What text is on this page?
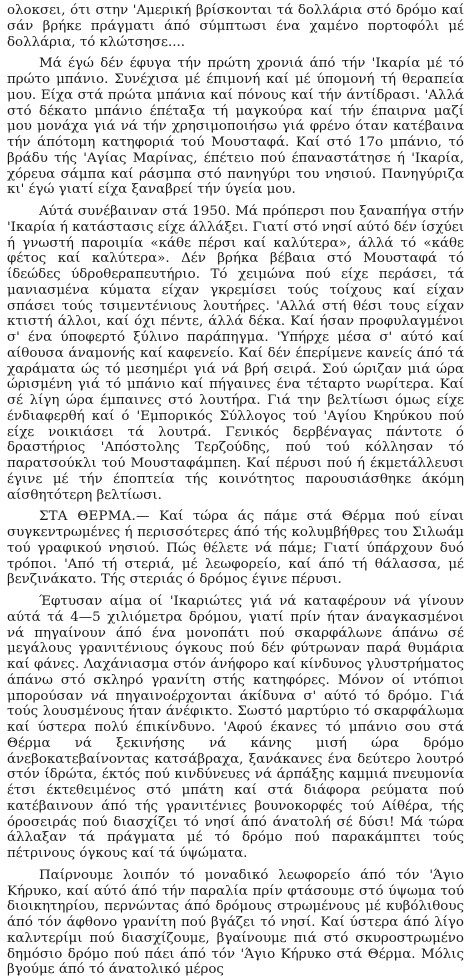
ολοκσει, ότι στην 'Αμερική βρίσκονται τά δολλάρια στό δρόμο καί σάν βρήκε πράγματι άπό σύμπτωσι ένα χαμένο πορτοφόλι μέ δολλάρια, τό κλώτσησε....

Μά έγώ δέν έφυγα τήν πρώτη χρονιά άπό τήν 'Ικαρία μέ τό πρώτο μπάνιο. Συνέχισα μέ έπιμονή καί μέ ύπομονή τή θεραπεία μου. Είχα στά πρώτα μπάνια καί πόνους καί τήν άντίδρασι. 'Αλλά στό δέκατο μπάνιο έπέταξα τή μαγκούρα καί τήν έπαιρνα μαζί μου μονάχα γιά νά τήν χρησιμοποιήσω γιά φρένο όταν κατέβαινα τήν άπότομη κατηφοριά τού Μουσταφά. Καί στό 17ο μπάνιο, τό βράδυ τής 'Αγίας Μαρίνας, έπέτειο πού έπαναστάτησε ή 'Ικαρία, χόρευα σάμπα καί ράσμπα στό πανηγύρι του νησιού. Πανηγύριζα κι' έγώ γιατί είχα ξαναβρεί τήν ύγεία μου.

Αύτά συνέβαιναν στά 1950. Μά πρόπερσι που ξαναπήγα στήν 'Ικαρία ή κατάστασις είχε άλλάξει. Γιατί στό νησί αύτό δέν ίσχύει ή γνωστή παροιμία «κάθε πέρσι καί καλύτερα», άλλά τό «κάθε φέτος καί καλύτερα». Δέν βρήκα βέβαια στό Μουσταφά τό ίδεώδες ύδροθεραπευτήριο. Τό χειμώνα πού είχε περάσει, τά μανιασμένα κύματα είχαν γκρεμίσει τούς τοίχους καί είχαν σπάσει τούς τσιμεντένιους λουτήρες. 'Αλλά στή θέσι τους είχαν κτιστή άλλοι, καί όχι πέντε, άλλά δέκα. Καί ήσαν προφυλαγμένοι σ' ένα ύποφερτό ξύλινο παράπηγμα. 'Υπήρχε μέσα σ' αύτό καί αίθουσα άναμονής καί καφενείο. Καί δέν έπερίμενε κανείς άπό τά χαράματα ώς τό μεσημέρι γιά νά βρή σειρά. Σού ώριζαν μιά ώρα ώρισμένη γιά τό μπάνιο καί πήγαινες ένα τέταρτο νωρίτερα. Καί σέ λίγη ώρα έμπαινες στό λουτήρα. Γιά την βελτίωσι όμως είχε ένδιαφερθή καί ό 'Εμπορικός Σύλλογος τού 'Αγίου Κηρύκου πού είχε νοικιάσει τά λουτρά. Γενικός δερβέναγας πάντοτε ό δραστήριος 'Απόστολης Τερζούδης, πού τού κόλλησαν τό παρατσούκλι τού Μουσταφάμπεη. Καί πέρυσι πού ή έκμετάλλευσι έγινε μέ τήν έποπτεία τής κοινότητος παρουσιάσθηκε άκόμη αίσθητότερη βελτίωσι.

ΣΤΑ ΘΕΡΜΑ.— Καί τώρα άς πάμε στά Θέρμα πού είναι συγκεντρωμένες ή περισσότερες άπό τής κολυμβήθρες του Σιλωάμ τού γραφικού νησιού. Πώς θέλετε νά πάμε; Γιατί ύπάρχουν δυό τρόποι. 'Από τή στεριά, μέ λεωφορείο, καί άπό τή θάλασσα, μέ βενζινάκατο. Τής στεριάς ό δρόμος έγινε πέρυσι.

Έφτυσαν αίμα οί 'Ικαριώτες γιά νά καταφέρουν νά γίνουν αύτά τά 4—5 χιλιόμετρα δρόμου, γιατί πρίν ήταν άναγκασμένοι νά πηγαίνουν άπό ένα μονοπάτι πού σκαρφάλωνε άπάνω σέ μεγάλους γρανιτένιους όγκους πού δέν φύτρωναν παρά θυμάρια καί φάνες. Λαχάνιασμα στόν άνήφορο καί κίνδυνος γλυστρήματος άπάνω στό σκληρό γρανίτη στής κατηφόρες. Μόνον οί ντόπιοι μπορούσαν νά πηγαινοέρχονται άκίδυνα σ' αύτό τό δρόμο. Γιά τούς λουσμένους ήταν άνέφικτο. Σωστό μαρτύριο τό σκαρφάλωμα καί ύστερα πολύ έπικίνδυνο. 'Αφού έκανες τό μπάνιο σου στά Θέρμα νά ξεκινήσης νά κάνης μισή ώρα δρόμο άνεβοκατεβαίνοντας κατσάβραχα, ξανάκανες ένα δεύτερο λουτρό στόν ίδρώτα, έκτός πού κινδύνευες νά άρπάξης καμμιά πνευμονία έτσι έκτεθειμένος στό μπάτη καί στά διάφορα ρεύματα πού κατέβαινουν άπό τής γρανιτένιες βουνοκορφές τού Αίθέρα, τής όροσειράς πού διασχίζει τό νησί άπό άνατολή σέ δύσι! Μά τώρα άλλαξαν τά πράγματα μέ τό δρόμο πού παρακάμπτει τούς πέτρινους όγκους καί τά ύψώματα.

Παίρνουμε λοιπόν τό μοναδικό λεωφορείο άπό τόν 'Άγιο Κήρυκο, καί αύτό άπό τήν παραλία πρίν φτάσουμε στό ύψωμα τού διοικητηρίου, περνώντας άπό δρόμους στρωμένους μέ κυβόλιθους άπό τόν άφθονο γρανίτη πού βγάζει τό νησί. Καί ύστερα άπό λίγο καλντερίμι πού διασχίζουμε, βγαίνουμε πιά στό σκυροστρωμένο δημόσιο δρόμο πού πάει άπό τόν 'Άγιο Κήρυκο στά Θέρμα. Μόλις βγούμε άπό τό άνατολικό μέρος
